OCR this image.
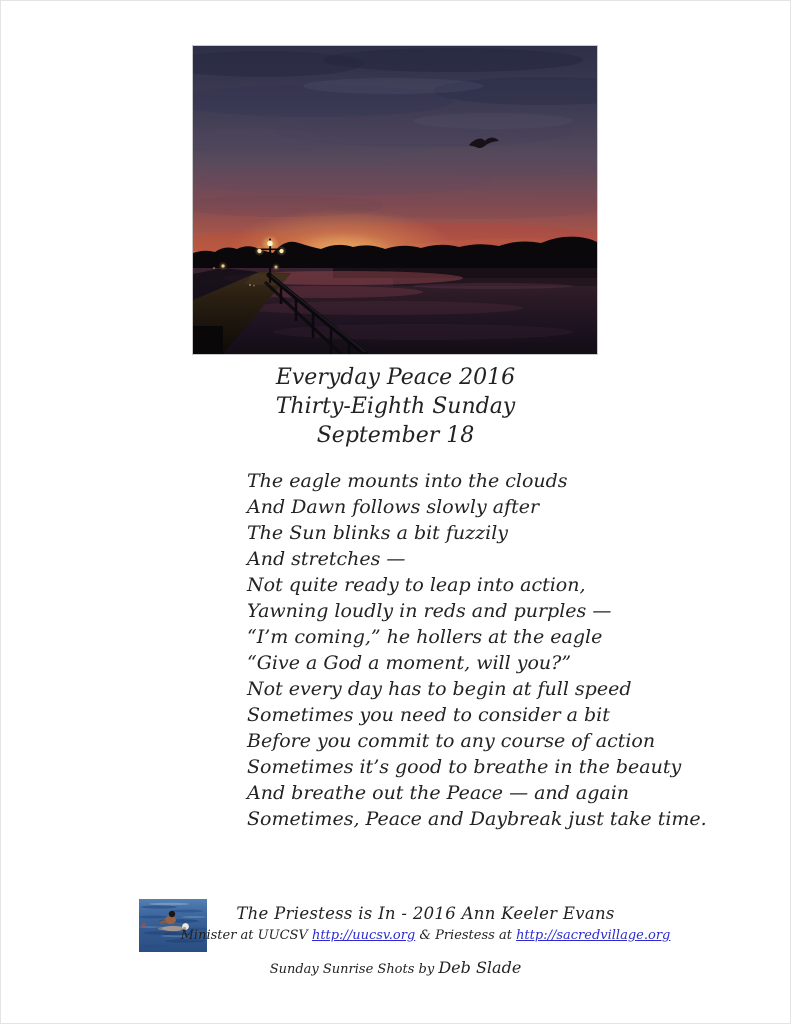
Everyday Peace 2016
Thirty-Eighth Sunday
September 18
The eagle mounts into the clouds
And Dawn follows slowly after
The Sun blinks a bit fuzzily
And stretches —
Not quite ready to leap into action,
Yawning loudly in reds and purples —
“I’m coming,” he hollers at the eagle
“Give a God a moment, will you?”
Not every day has to begin at full speed
Sometimes you need to consider a bit
Before you commit to any course of action
Sometimes it’s good to breathe in the beauty
And breathe out the Peace — and again
Sometimes, Peace and Daybreak just take time.
The Priestess is In - 2016 Ann Keeler Evans
Minister at UUCSV http://uucsv.org & Priestess at http://sacredvillage.org
Sunday Sunrise Shots by Deb Slade
